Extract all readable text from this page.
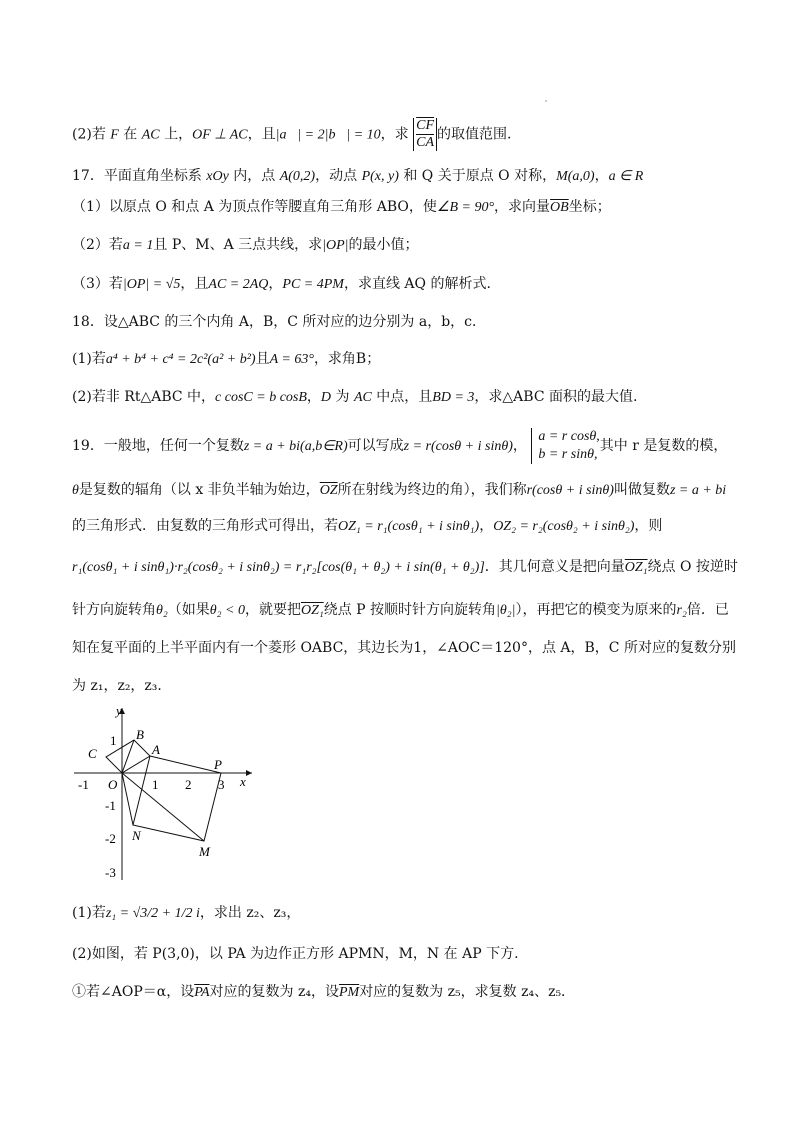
(2)若 F 在 AC 上，OF ⊥ AC，且|a⃗| = 2|b⃗| = 10，求 $\frac{\overline{CF}}{CA}$ 的取值范围.
17．平面直角坐标系 xOy 内，点 A(0,2)，动点 P(x, y) 和 Q 关于原点 O 对称，M(a,0)，a ∈ R
（1）以原点 O 和点 A 为顶点作等腰直角三角形 ABO，使∠B = 90°，求向量$\overline{OB}$坐标；
（2）若a = 1且 P、M、A 三点共线，求|OP|的最小值；
（3）若|OP| = √5，且AC = 2AQ，PC = 4PM，求直线 AQ 的解析式.
18．设△ABC 的三个内角 A，B，C 所对应的边分别为 a，b，c．
(1)若a⁴ + b⁴ + c⁴ = 2c²(a² + b²)且A = 63°，求角B；
(2)若非 Rt△ABC 中，c cosC = b cosB，D 为 AC 中点，且BD = 3，求△ABC 面积的最大值.
19．一般地，任何一个复数z = a + bi(a,b∈R)可以写成z = r(cosθ + i sinθ)，
a = r cosθ,
b = r sinθ,
其中 r 是复数的模，
θ是复数的辐角（以 x 非负半轴为始边，$\overline{OZ}$所在射线为终边的角），我们称r(cosθ + i sinθ)叫做复数z = a + bi
的三角形式．由复数的三角形式可得出，若OZ₁ = r₁(cosθ₁ + i sinθ₁)，OZ₂ = r₂(cosθ₂ + i sinθ₂)，则
r₁(cosθ₁ + i sinθ₁)·r₂(cosθ₂ + i sinθ₂) = r₁r₂[cos(θ₁ + θ₂) + i sin(θ₁ + θ₂)]．其几何意义是把向量OZ₁绕点 O 按逆时
针方向旋转角θ₂（如果θ₂ < 0，就要把OZ₁绕点 P 按顺时针方向旋转角|θ₂|），再把它的模变为原来的r₂倍．已
知在复平面的上半平面内有一个菱形 OABC，其边长为1，∠AOC＝120°，点 A，B，C 所对应的复数分别
为 z₁，z₂，z₃．
y
x
O
-1	1 2 3
1
-1
-2
-3
B
A
C
P
N
M
(1)若z₁ = √3/2 + 1/2 i，求出 z₂、z₃，
(2)如图，若 P(3,0)，以 PA 为边作正方形 APMN，M，N 在 AP 下方.
①若∠AOP＝α，设$\overline{PA}$对应的复数为 z₄，设$\overline{PM}$对应的复数为 z₅，求复数 z₄、z₅．
